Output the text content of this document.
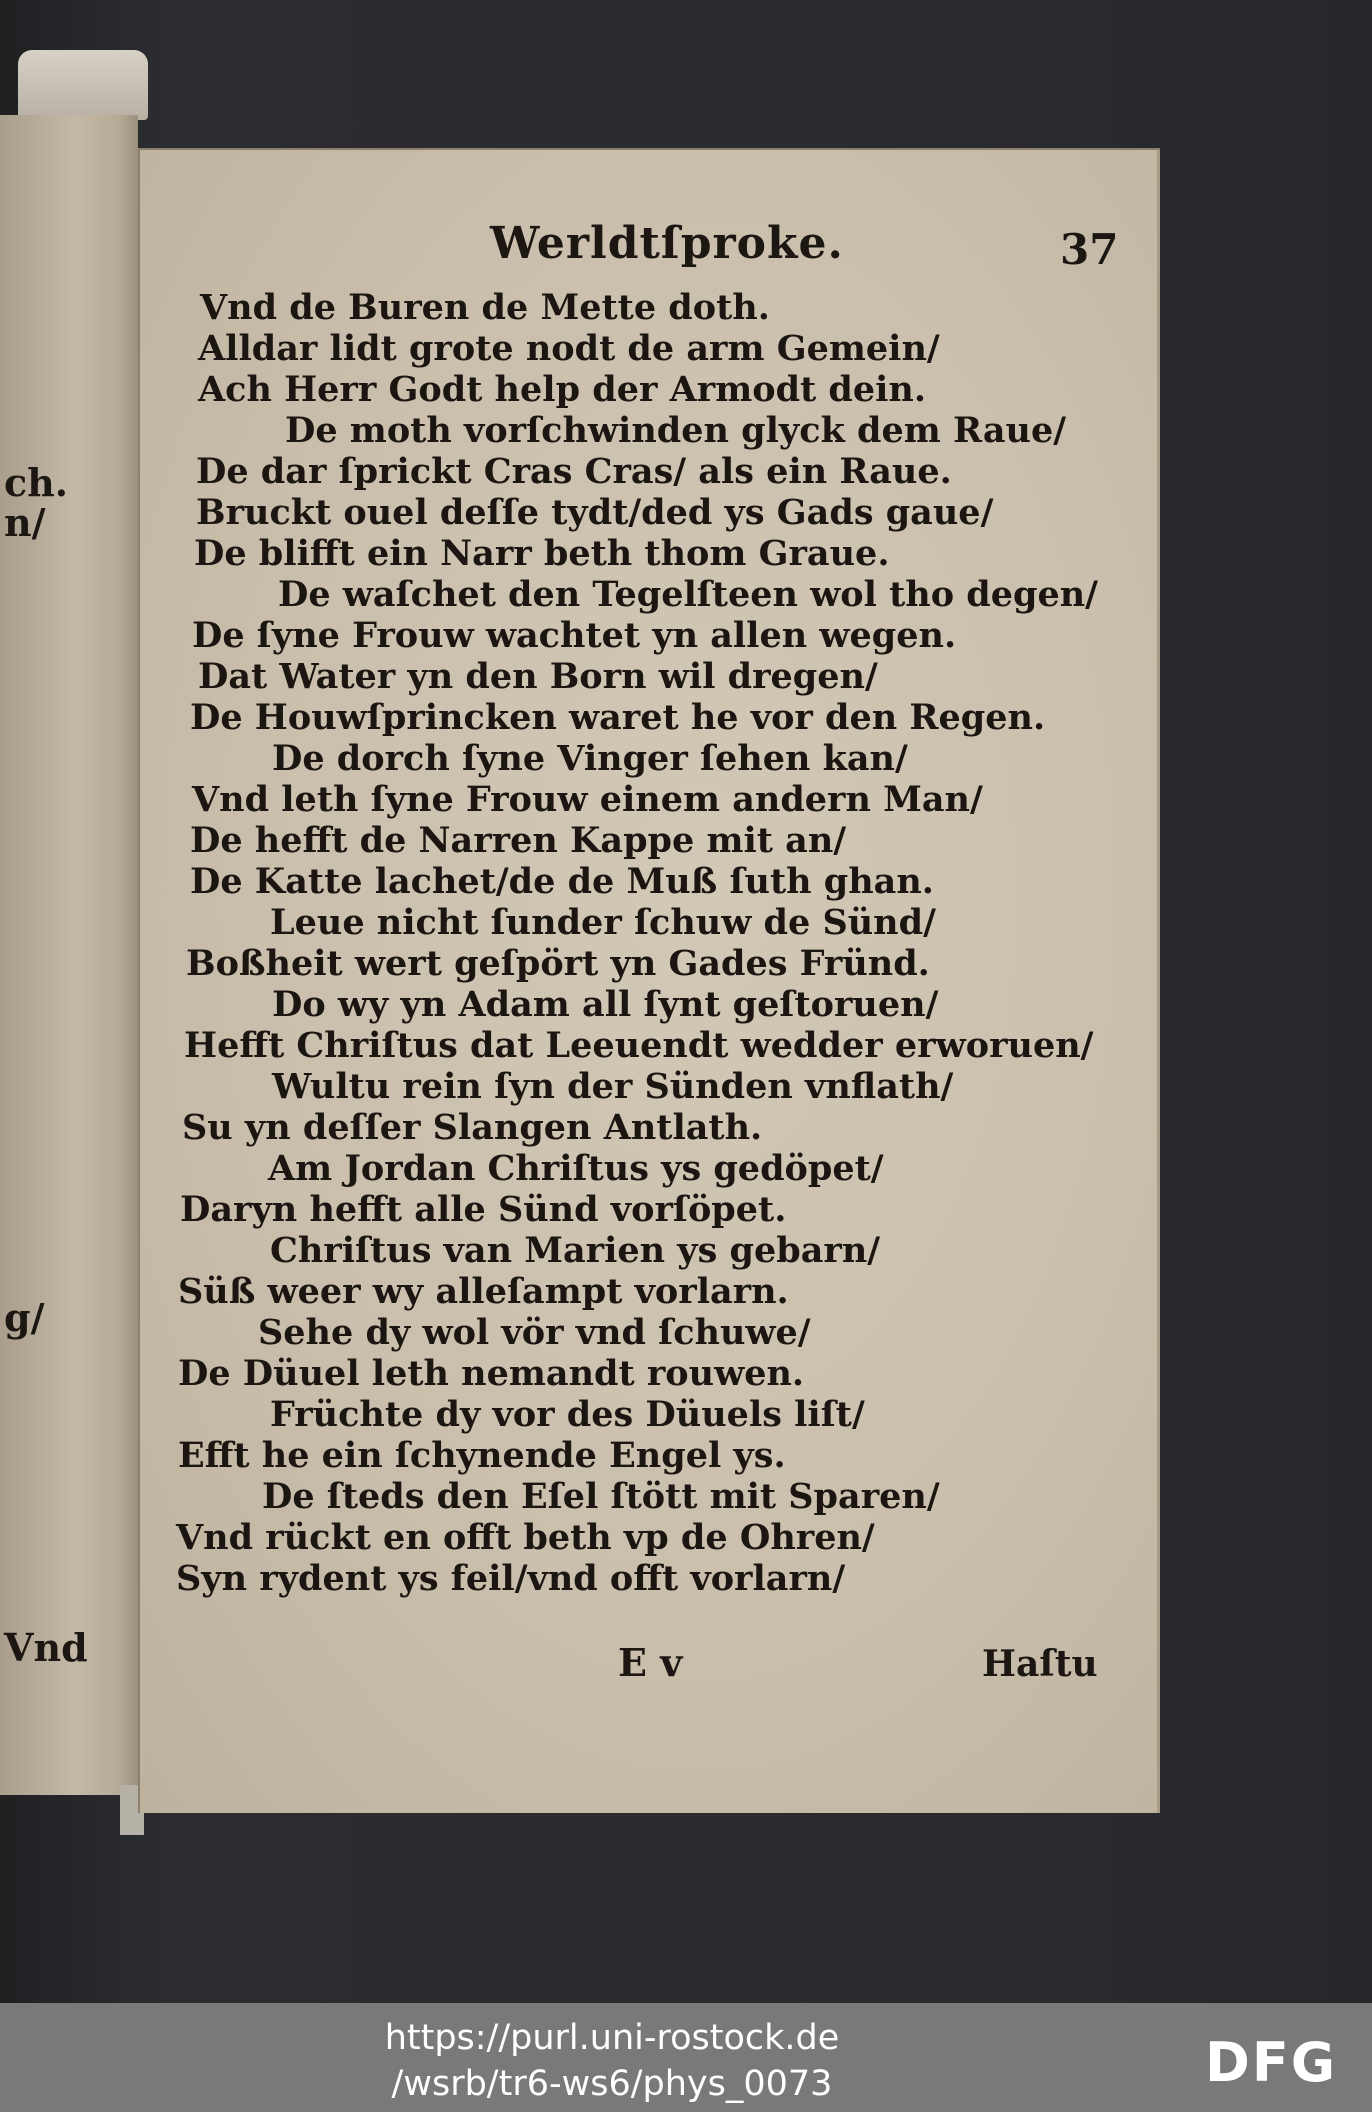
ch.
n/
g/
Vnd
Werldtſproke.	37
Vnd de Buren de Mette doth.
Alldar lidt grote nodt de arm Gemein/
Ach Herr Godt help der Armodt dein.
De moth vorſchwinden glyck dem Raue/
De dar ſprickt Cras Cras/ als ein Raue.
Bruckt ouel deſſe tydt/ded ys Gads gaue/
De blifft ein Narr beth thom Graue.
De waſchet den Tegelſteen wol tho degen/
De ſyne Frouw wachtet yn allen wegen.
Dat Water yn den Born wil dregen/
De Houwſprincken waret he vor den Regen.
De dorch ſyne Vinger ſehen kan/
Vnd leth ſyne Frouw einem andern Man/
De hefft de Narren Kappe mit an/
De Katte lachet/de de Muß ſuth ghan.
Leue nicht ſunder ſchuw de Sünd/
Boßheit wert geſpört yn Gades Fründ.
Do wy yn Adam all ſynt geſtoruen/
Hefft Chriſtus dat Leeuendt wedder erworuen/
Wultu rein ſyn der Sünden vnflath/
Su yn deſſer Slangen Antlath.
Am Jordan Chriſtus ys gedöpet/
Daryn hefft alle Sünd vorſöpet.
Chriſtus van Marien ys gebarn/
Süß weer wy alleſampt vorlarn.
Sehe dy wol vör vnd ſchuwe/
De Düuel leth nemandt rouwen.
Früchte dy vor des Düuels liſt/
Efft he ein ſchynende Engel ys.
De ſteds den Eſel ſtött mit Sparen/
Vnd rückt en offt beth vp de Ohren/
Syn rydent ys feil/vnd offt vorlarn/
E v	Haſtu
https://purl.uni-rostock.de
/wsrb/tr6-ws6/phys_0073	DFG
